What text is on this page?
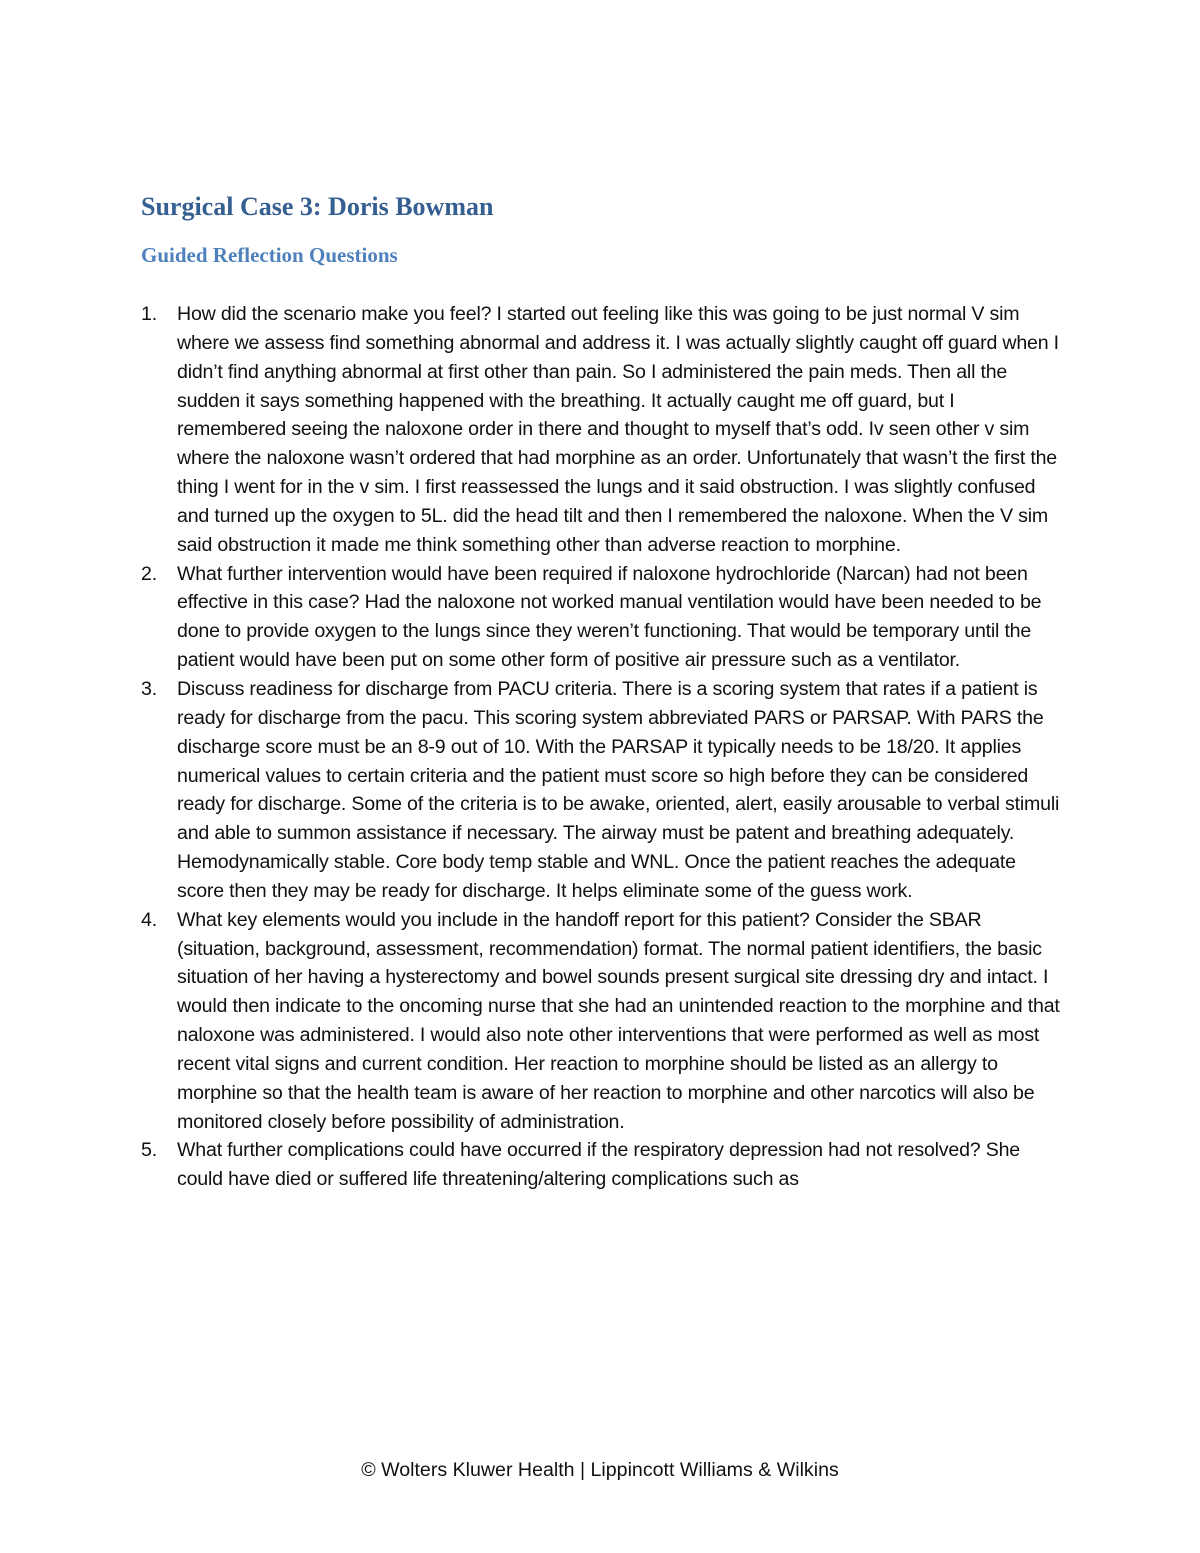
Surgical Case 3: Doris Bowman
Guided Reflection Questions
1. How did the scenario make you feel? I started out feeling like this was going to be just normal V sim where we assess find something abnormal and address it. I was actually slightly caught off guard when I didn’t find anything abnormal at first other than pain. So I administered the pain meds. Then all the sudden it says something happened with the breathing. It actually caught me off guard, but I remembered seeing the naloxone order in there and thought to myself that’s odd. Iv seen other v sim where the naloxone wasn’t ordered that had morphine as an order. Unfortunately that wasn’t the first the thing I went for in the v sim. I first reassessed the lungs and it said obstruction. I was slightly confused and turned up the oxygen to 5L. did the head tilt and then I remembered the naloxone. When the V sim said obstruction it made me think something other than adverse reaction to morphine.
2. What further intervention would have been required if naloxone hydrochloride (Narcan) had not been effective in this case? Had the naloxone not worked manual ventilation would have been needed to be done to provide oxygen to the lungs since they weren’t functioning. That would be temporary until the patient would have been put on some other form of positive air pressure such as a ventilator.
3. Discuss readiness for discharge from PACU criteria. There is a scoring system that rates if a patient is ready for discharge from the pacu. This scoring system abbreviated PARS or PARSAP. With PARS the discharge score must be an 8-9 out of 10. With the PARSAP it typically needs to be 18/20. It applies numerical values to certain criteria and the patient must score so high before they can be considered ready for discharge. Some of the criteria is to be awake, oriented, alert, easily arousable to verbal stimuli and able to summon assistance if necessary. The airway must be patent and breathing adequately. Hemodynamically stable. Core body temp stable and WNL. Once the patient reaches the adequate score then they may be ready for discharge. It helps eliminate some of the guess work.
4. What key elements would you include in the handoff report for this patient? Consider the SBAR (situation, background, assessment, recommendation) format. The normal patient identifiers, the basic situation of her having a hysterectomy and bowel sounds present surgical site dressing dry and intact. I would then indicate to the oncoming nurse that she had an unintended reaction to the morphine and that naloxone was administered. I would also note other interventions that were performed as well as most recent vital signs and current condition. Her reaction to morphine should be listed as an allergy to morphine so that the health team is aware of her reaction to morphine and other narcotics will also be monitored closely before possibility of administration.
5. What further complications could have occurred if the respiratory depression had not resolved? She could have died or suffered life threatening/altering complications such as
© Wolters Kluwer Health | Lippincott Williams & Wilkins
